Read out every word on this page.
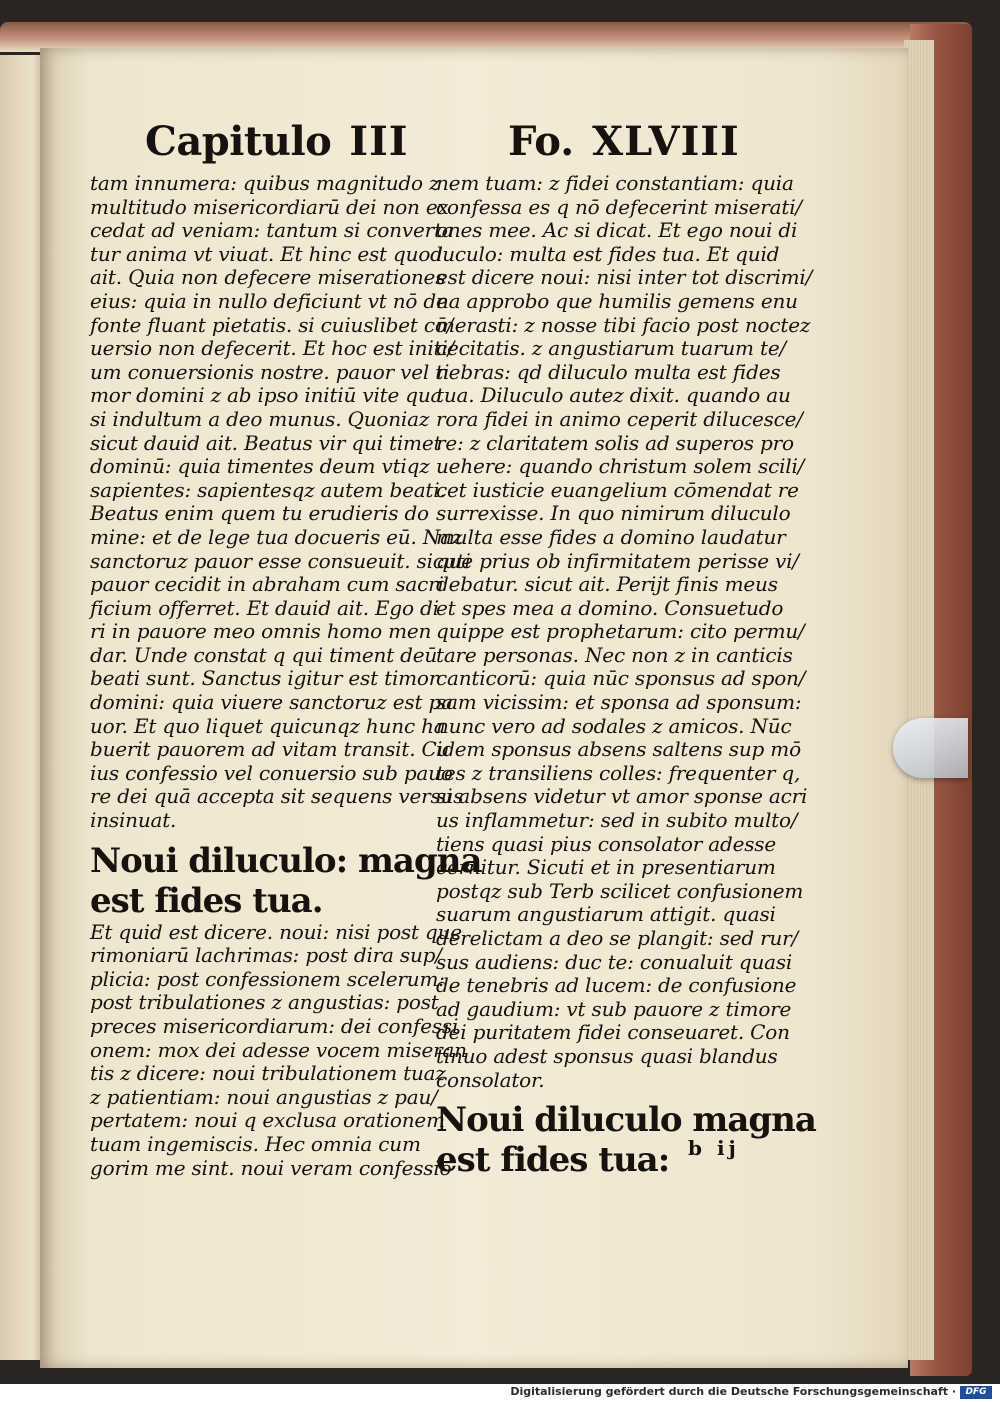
Capitulo III Fo. XLVIII
tam innumera: quibus magnitudo z
multitudo misericordiarū dei non ex
cedat ad veniam: tantum si converta
tur anima vt viuat. Et hinc est quod
ait. Quia non defecere miserationes
eius: quia in nullo deficiunt vt nō de
fonte fluant pietatis. si cuiuslibet cō/
uersio non defecerit. Et hoc est initi/
um conuersionis nostre. pauor vel ti
mor domini z ab ipso initiū vite qua
si indultum a deo munus. Quoniaz
sicut dauid ait. Beatus vir qui timet
dominū: quia timentes deum vtiqz
sapientes: sapientesqz autem beati.
Beatus enim quem tu erudieris do
mine: et de lege tua docueris eū. Naz
sanctoruz pauor esse consueuit. sicuti
pauor cecidit in abraham cum sacri
ficium offerret. Et dauid ait. Ego di
ri in pauore meo omnis homo men
dar. Unde constat q qui timent deū
beati sunt. Sanctus igitur est timor
domini: quia viuere sanctoruz est pa
uor. Et quo liquet quicunqz hunc ha
buerit pauorem ad vitam transit. Cu
ius confessio vel conuersio sub pauo
re dei quā accepta sit sequens versus
insinuat.
Noui diluculo: magna
est fides tua.
Et quid est dicere. noui: nisi post que
rimoniarū lachrimas: post dira sup/
plicia: post confessionem scelerum:
post tribulationes z angustias: post
preces misericordiarum: dei confessi
onem: mox dei adesse vocem miseran
tis z dicere: noui tribulationem tuaz
z patientiam: noui angustias z pau/
pertatem: noui q exclusa orationem
tuam ingemiscis. Hec omnia cum
gorim me sint. noui veram confessio
nem tuam: z fidei constantiam: quia
confessa es q nō defecerint miserati/
ones mee. Ac si dicat. Et ego noui di
luculo: multa est fides tua. Et quid
est dicere noui: nisi inter tot discrimi/
na approbo que humilis gemens enu
merasti: z nosse tibi facio post noctez
cecitatis. z angustiarum tuarum te/
nebras: qd diluculo multa est fides
tua. Diluculo autez dixit. quando au
rora fidei in animo ceperit dilucesce/
re: z claritatem solis ad superos pro
uehere: quando christum solem scili/
cet iusticie euangelium cōmendat re
surrexisse. In quo nimirum diluculo
multa esse fides a domino laudatur
que prius ob infirmitatem perisse vi/
debatur. sicut ait. Perijt finis meus
et spes mea a domino. Consuetudo
quippe est prophetarum: cito permu/
tare personas. Nec non z in canticis
canticorū: quia nūc sponsus ad spon/
sam vicissim: et sponsa ad sponsum:
nunc vero ad sodales z amicos. Nūc
idem sponsus absens saltens sup mō
tes z transiliens colles: frequenter q,
si absens videtur vt amor sponse acri
us inflammetur: sed in subito multo/
tiens quasi pius consolator adesse
cernitur. Sicuti et in presentiarum
postqz sub Terb scilicet confusionem
suarum angustiarum attigit. quasi
derelictam a deo se plangit: sed rur/
sus audiens: duc te: conualuit quasi
de tenebris ad lucem: de confusione
ad gaudium: vt sub pauore z timore
dei puritatem fidei conseuaret. Con
tinuo adest sponsus quasi blandus
consolator.
Noui diluculo magna
est fides tua: b ij
Digitalisierung gefördert durch die Deutsche Forschungsgemeinschaft ·	DFG
